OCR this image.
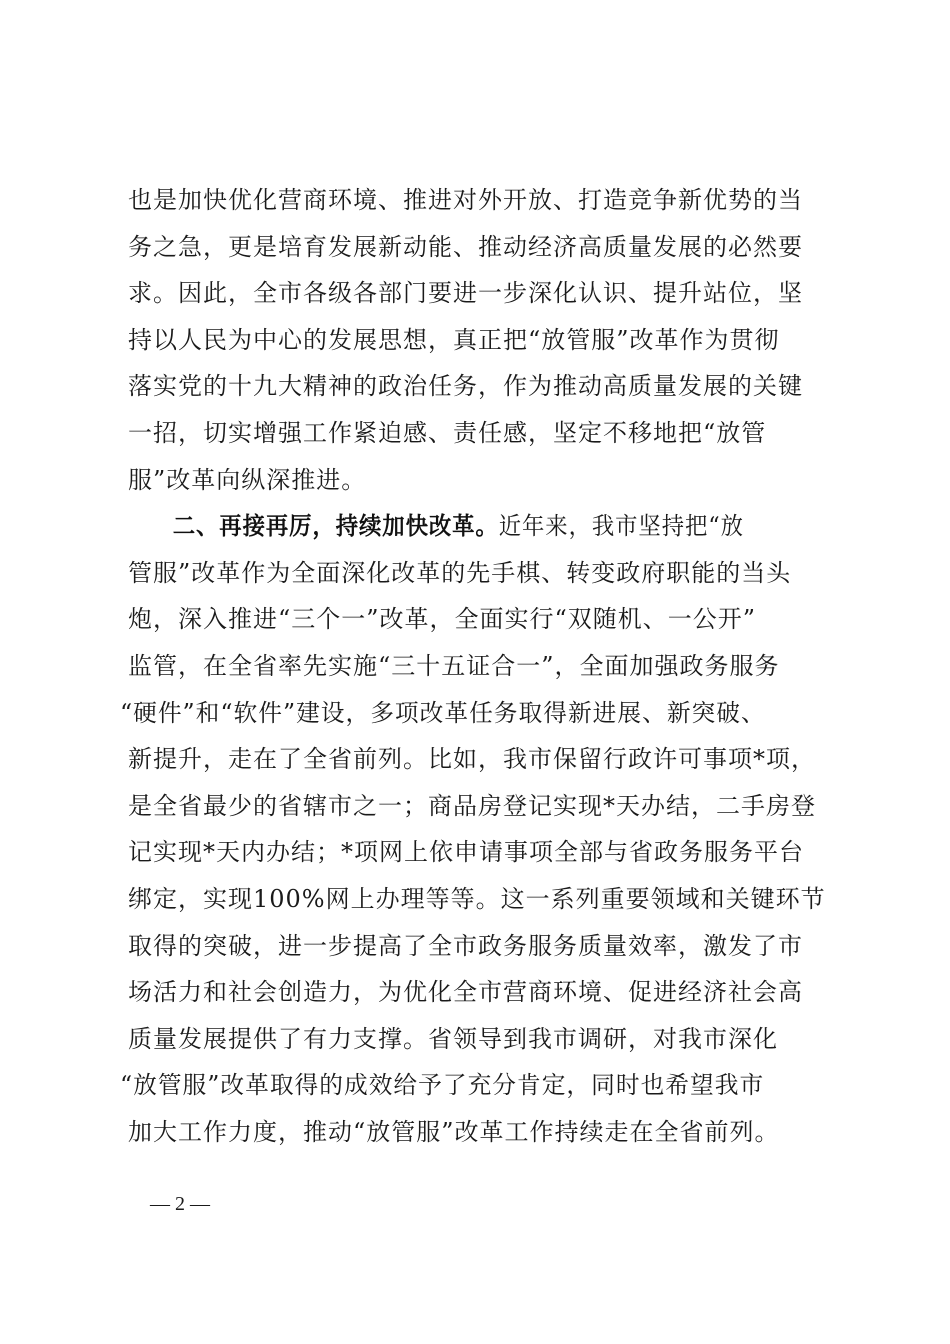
也是加快优化营商环境、推进对外开放、打造竞争新优势的当
务之急，更是培育发展新动能、推动经济高质量发展的必然要
求。因此，全市各级各部门要进一步深化认识、提升站位，坚
持以人民为中心的发展思想，真正把“放管服”改革作为贯彻
落实党的十九大精神的政治任务，作为推动高质量发展的关键
一招，切实增强工作紧迫感、责任感，坚定不移地把“放管
服”改革向纵深推进。
二、再接再厉，持续加快改革。近年来，我市坚持把“放
管服”改革作为全面深化改革的先手棋、转变政府职能的当头
炮，深入推进“三个一”改革，全面实行“双随机、一公开”
监管，在全省率先实施“三十五证合一”，全面加强政务服务
“硬件”和“软件”建设，多项改革任务取得新进展、新突破、
新提升，走在了全省前列。比如，我市保留行政许可事项*项，
是全省最少的省辖市之一；商品房登记实现*天办结，二手房登
记实现*天内办结；*项网上依申请事项全部与省政务服务平台
绑定，实现100%网上办理等等。这一系列重要领域和关键环节
取得的突破，进一步提高了全市政务服务质量效率，激发了市
场活力和社会创造力，为优化全市营商环境、促进经济社会高
质量发展提供了有力支撑。省领导到我市调研，对我市深化
“放管服”改革取得的成效给予了充分肯定，同时也希望我市
加大工作力度，推动“放管服”改革工作持续走在全省前列。
— 2 —
